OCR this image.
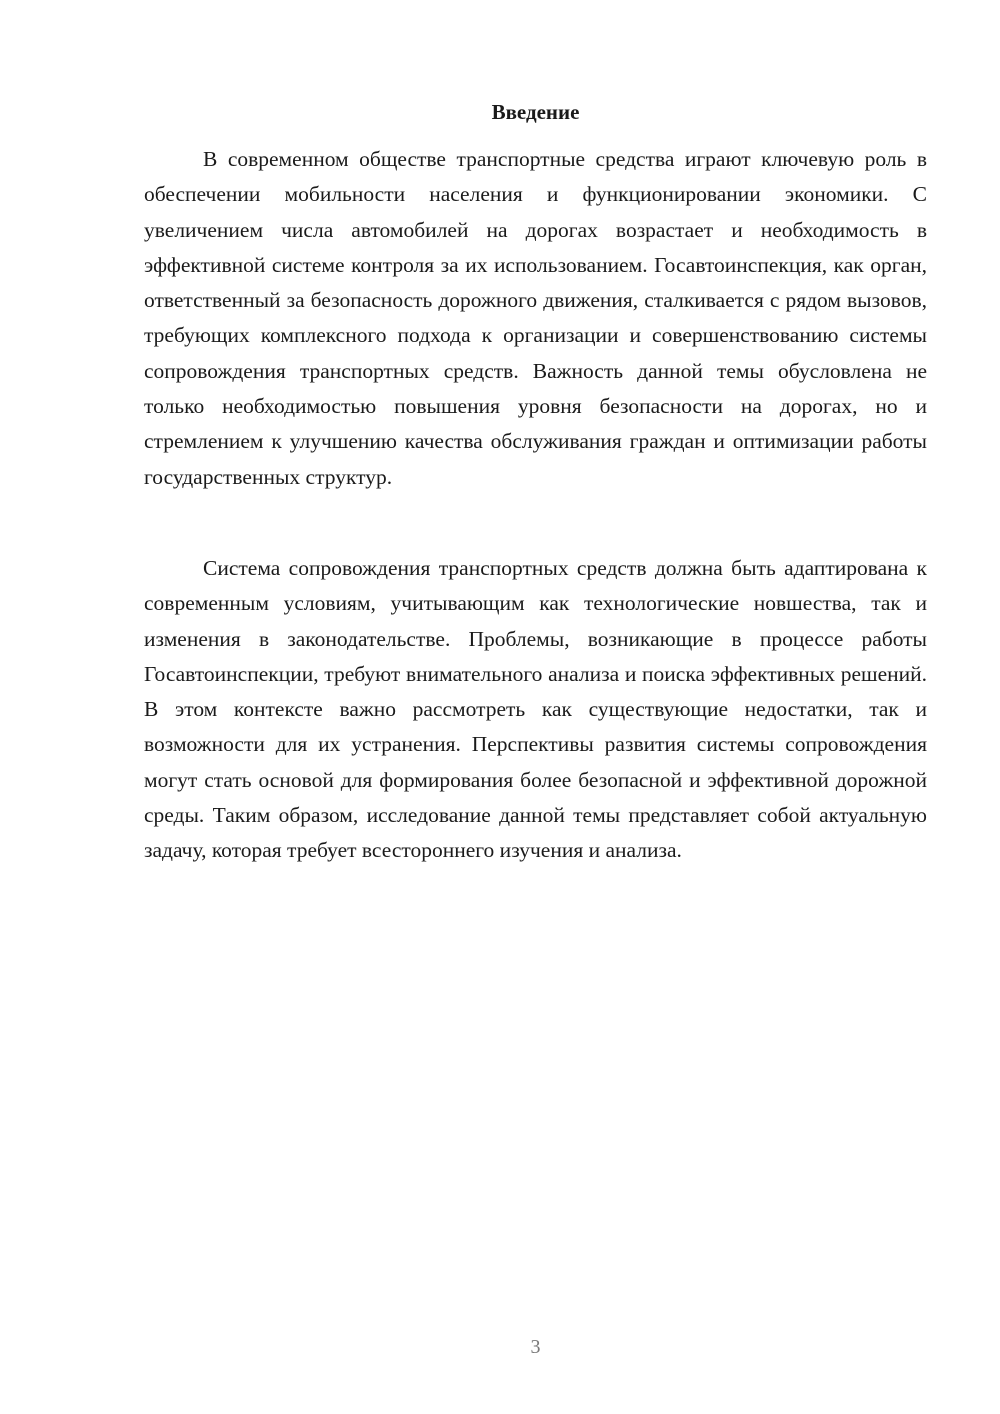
Введение

В современном обществе транспортные средства играют ключевую роль в обеспечении мобильности населения и функционировании экономики. С увеличением числа автомобилей на дорогах возрастает и необходимость в эффективной системе контроля за их использованием. Госавтоинспекция, как орган, ответственный за безопасность дорожного движения, сталкивается с рядом вызовов, требующих комплексного подхода к организации и совершенствованию системы сопровождения транспортных средств. Важность данной темы обусловлена не только необходимостью повышения уровня безопасности на дорогах, но и стремлением к улучшению качества обслуживания граждан и оптимизации работы государственных структур.

Система сопровождения транспортных средств должна быть адаптирована к современным условиям, учитывающим как технологические новшества, так и изменения в законодательстве. Проблемы, возникающие в процессе работы Госавтоинспекции, требуют внимательного анализа и поиска эффективных решений. В этом контексте важно рассмотреть как существующие недостатки, так и возможности для их устранения. Перспективы развития системы сопровождения могут стать основой для формирования более безопасной и эффективной дорожной среды. Таким образом, исследование данной темы представляет собой актуальную задачу, которая требует всестороннего изучения и анализа.

3
